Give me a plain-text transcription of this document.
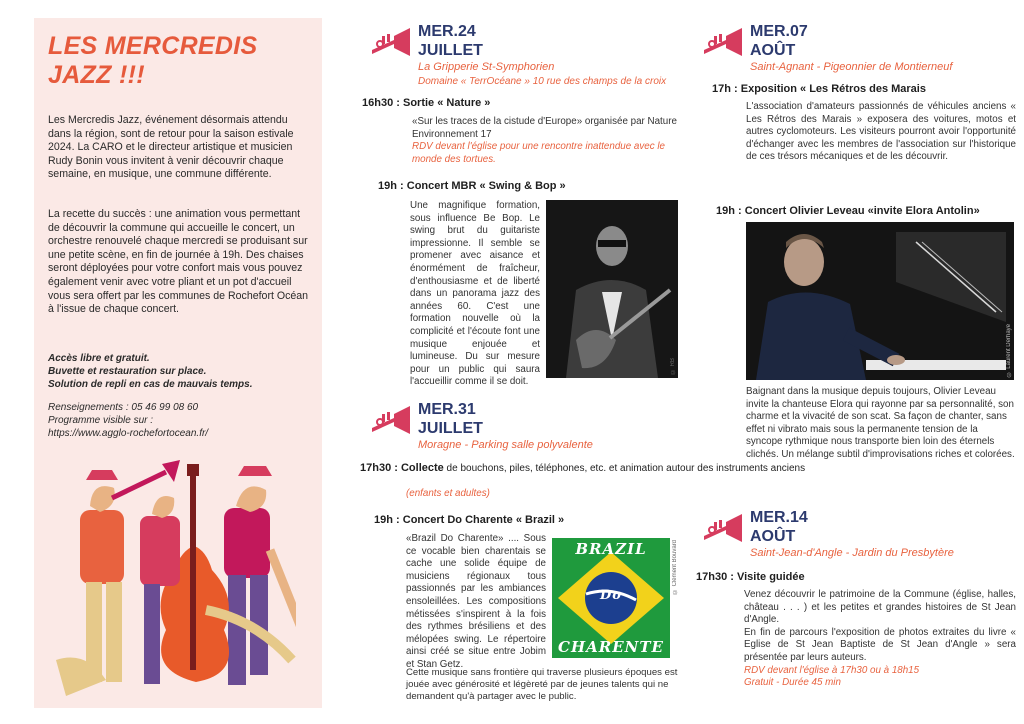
LES MERCREDIS
JAZZ !!!
Les Mercredis Jazz, événement désormais attendu dans la région, sont de retour pour la saison estivale 2024. La CARO et le directeur artistique et musicien Rudy Bonin vous invitent à venir découvrir chaque semaine, en musique, une commune différente.
La recette du succès : une animation vous permettant de découvrir la commune qui accueille le concert, un orchestre renouvelé chaque mercredi se produisant sur une petite scène, en fin de journée à 19h. Des chaises seront déployées pour votre confort mais vous pouvez également venir avec votre pliant et un pot d'accueil vous sera offert par les communes de Rochefort Océan à l'issue de chaque concert.
Accès libre et gratuit.
Buvette et restauration sur place.
Solution de repli en cas de mauvais temps.
Renseignements : 05 46 99 08 60
Programme visible sur :
https://www.agglo-rochefortocean.fr/
MER.24
JUILLET
La Gripperie St-Symphorien
Domaine « TerrOcéane » 10 rue des champs de la croix
16h30 : Sortie « Nature »
«Sur les traces de la cistude d'Europe» organisée par Nature Environnement 17
RDV devant l'église pour une rencontre inattendue avec le monde des tortues.
19h : Concert MBR « Swing & Bop »
Une magnifique formation, sous influence Be Bop. Le swing brut du guitariste impressionne. Il semble se promener avec aisance et énormément de fraîcheur, d'enthousiasme et de liberté dans un panorama jazz des années 60. C'est une formation nouvelle où la complicité et l'écoute font une musique enjouée et lumineuse. Du sur mesure pour un public qui saura l'accueillir comme il se doit.
© RB
MER.31
JUILLET
Moragne - Parking salle polyvalente
17h30 : Collecte de bouchons, piles, téléphones, etc. et animation autour des instruments anciens
(enfants et adultes)
19h : Concert Do Charente « Brazil »
«Brazil Do Charente» .... Sous ce vocable bien charentais se cache une solide équipe de musiciens régionaux tous passionnés par les ambiances ensoleillées. Les compositions métissées s'inspirent à la fois des rythmes brésiliens et des mélopées swing. Le répertoire ainsi créé se situe entre Jobim et Stan Getz.
BRAZIL
Do
CHARENTE
© Clément Bouvard
Cette musique sans frontière qui traverse plusieurs époques est jouée avec générosité et légèreté par de jeunes talents qui ne demandent qu'à partager avec le public.
MER.07
AOÛT
Saint-Agnant - Pigeonnier de Montierneuf
17h : Exposition « Les Rétros des Marais
L'association d'amateurs passionnés de véhicules anciens « Les Rétros des Marais » exposera des voitures, motos et autres cyclomoteurs. Les visiteurs pourront avoir l'opportunité d'échanger avec les membres de l'association sur l'historique de ces trésors mécaniques et de les découvrir.
19h : Concert Olivier Leveau «invite Elora Antolin»
© Laurent Derhaye
Baignant dans la musique depuis toujours, Olivier Leveau invite la chanteuse Elora qui rayonne par sa personnalité, son charme et la vivacité de son scat. Sa façon de chanter, sans effet ni vibrato mais sous la permanente tension de la syncope rythmique nous transporte bien loin des éternels clichés. Un mélange subtil d'improvisations riches et colorées.
MER.14
AOÛT
Saint-Jean-d'Angle - Jardin du Presbytère
17h30 : Visite guidée
Venez découvrir le patrimoine de la Commune (église, halles, château . . . ) et les petites et grandes histoires de St Jean d'Angle.
En fin de parcours l'exposition de photos extraites du livre « Eglise de St Jean Baptiste de St Jean d'Angle » sera présentée par leurs auteurs.
RDV devant l'église à 17h30 ou à 18h15
Gratuit - Durée 45 min
